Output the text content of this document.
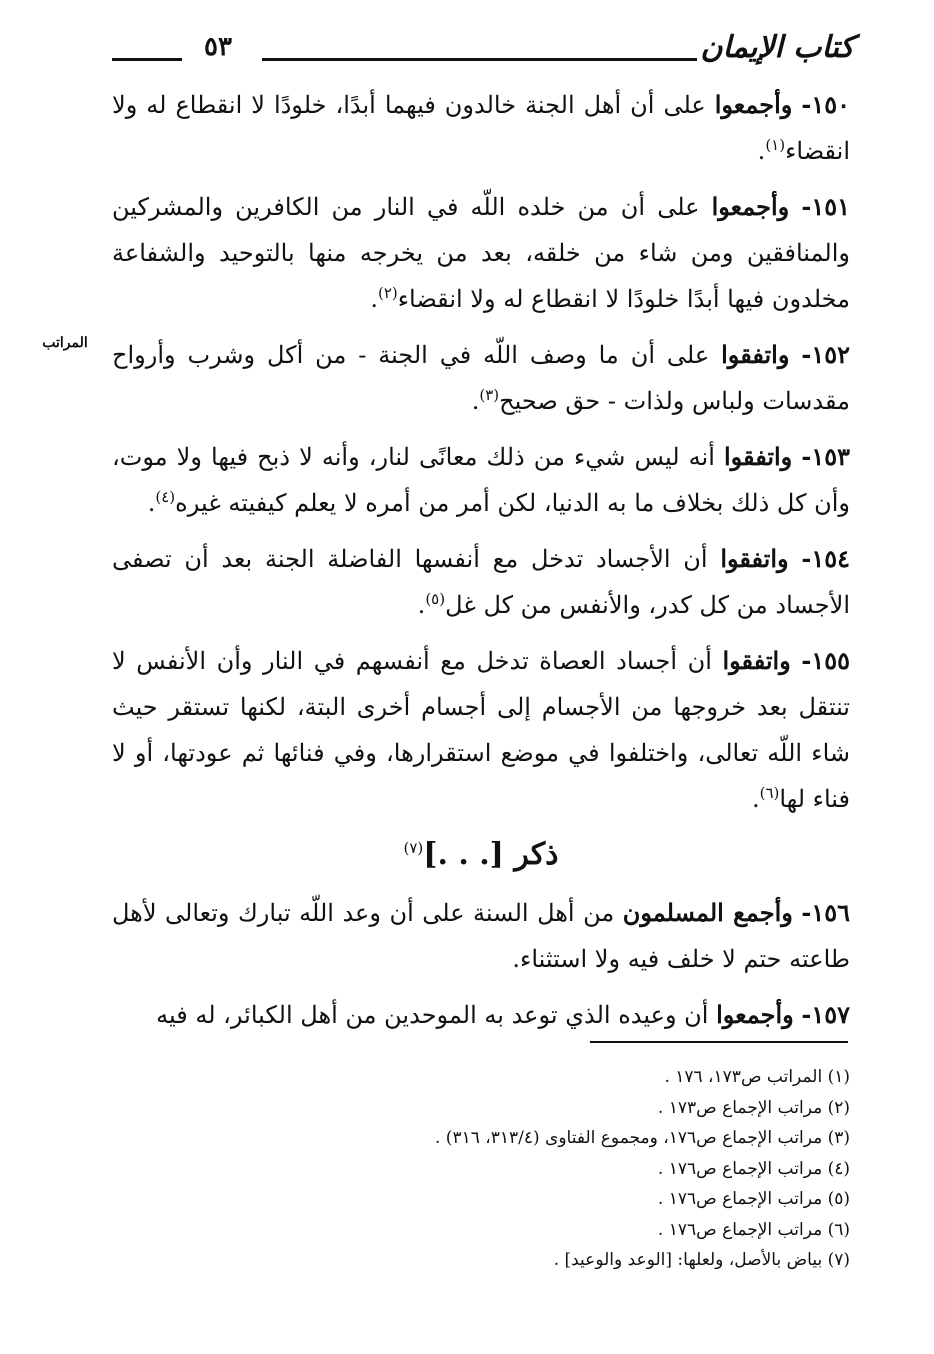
كتاب الإيمان
٥٣
المراتب

١٥٠- وأجمعوا على أن أهل الجنة خالدون فيهما أبدًا، خلودًا لا انقطاع له ولا انقضاء$^{(١)}$.

١٥١- وأجمعوا على أن من خلده اللّه في النار من الكافرين والمشركين والمنافقين ومن شاء من خلقه، بعد من يخرجه منها بالتوحيد والشفاعة مخلدون فيها أبدًا خلودًا لا انقطاع له ولا انقضاء$^{(٢)}$.

١٥٢- واتفقوا على أن ما وصف اللّه في الجنة - من أكل وشرب وأرواح مقدسات ولباس ولذات - حق صحيح$^{(٣)}$.

١٥٣- واتفقوا أنه ليس شيء من ذلك معانًى لنار، وأنه لا ذبح فيها ولا موت، وأن كل ذلك بخلاف ما به الدنيا، لكن أمر من أمره لا يعلم كيفيته غيره$^{(٤)}$.

١٥٤- واتفقوا أن الأجساد تدخل مع أنفسها الفاضلة الجنة بعد أن تصفى الأجساد من كل كدر، والأنفس من كل غل$^{(٥)}$.

١٥٥- واتفقوا أن أجساد العصاة تدخل مع أنفسهم في النار وأن الأنفس لا تنتقل بعد خروجها من الأجسام إلى أجسام أخرى البتة، لكنها تستقر حيث شاء اللّه تعالى، واختلفوا في موضع استقرارها، وفي فنائها ثم عودتها، أو لا فناء لها$^{(٦)}$.

ذكر [. . .]$^{(٧)}$

١٥٦- وأجمع المسلمون من أهل السنة على أن وعد اللّه تبارك وتعالى لأهل طاعته حتم لا خلف فيه ولا استثناء.

١٥٧- وأجمعوا أن وعيده الذي توعد به الموحدين من أهل الكبائر، له فيه

(١) المراتب ص١٧٣، ١٧٦ .

(٢) مراتب الإجماع ص١٧٣ .

(٣) مراتب الإجماع ص١٧٦، ومجموع الفتاوى (٣١٣/٤، ٣١٦) .

(٤) مراتب الإجماع ص١٧٦ .

(٥) مراتب الإجماع ص١٧٦ .

(٦) مراتب الإجماع ص١٧٦ .

(٧) بياض بالأصل، ولعلها: [الوعد والوعيد] .
